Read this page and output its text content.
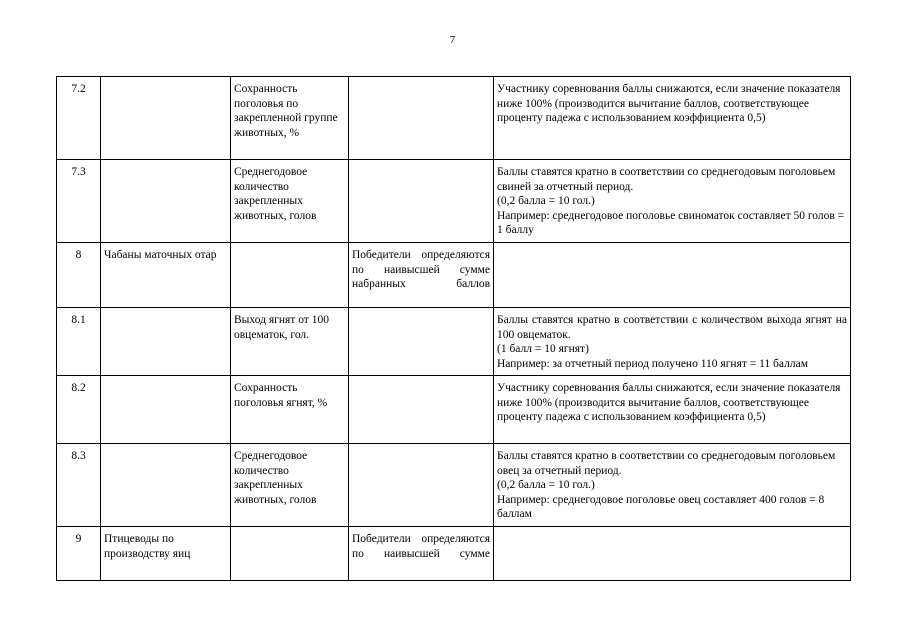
7
7.2		Сохранность поголовья по закрепленной группе животных, %		Участнику соревнования баллы снижаются, если значение показателя ниже 100% (производится вычитание баллов, соответствующее проценту падежа с использованием коэффициента 0,5)

7.3		Среднегодовое количество закрепленных животных, голов		Баллы ставятся кратно в соответствии со среднегодовым поголовьем свиней за отчетный период.
(0,2 балла = 10 гол.)
Например: среднегодовое поголовье свиноматок составляет 50 голов = 1 баллу

8	Чабаны маточных отар		Победители определяются по наивысшей сумме набранных баллов	
8.1		Выход ягнят от 100 овцематок, гол.		Баллы ставятся кратно в соответствии с количеством выхода ягнят на 100 овцематок.
(1 балл = 10 ягнят)
Например: за отчетный период получено 110 ягнят = 11 баллам

8.2		Сохранность поголовья ягнят, %		Участнику соревнования баллы снижаются, если значение показателя ниже 100% (производится вычитание баллов, соответствующее проценту падежа с использованием коэффициента 0,5)

8.3		Среднегодовое количество закрепленных животных, голов		Баллы ставятся кратно в соответствии со среднегодовым поголовьем овец за отчетный период.
(0,2 балла = 10 гол.)
Например: среднегодовое поголовье овец составляет 400 голов = 8 баллам

9	Птицеводы по производству яиц		Победители определяются по наивысшей сумме	
